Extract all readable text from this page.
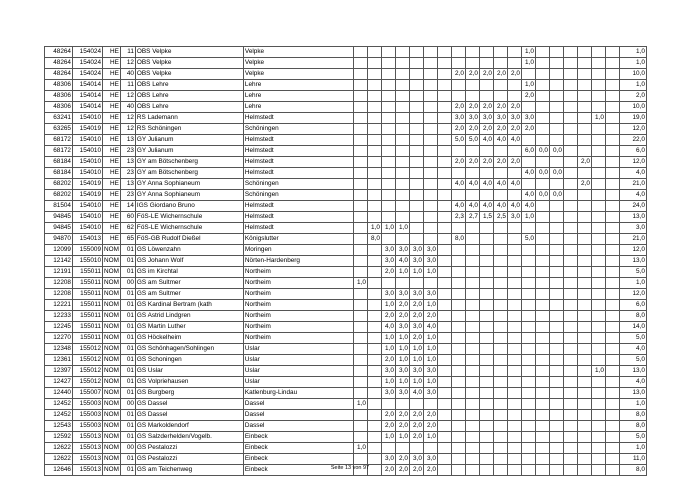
48264	154024	HE	11	OBS Velpke	Velpke													1,0							1,0
48264	154024	HE	12	OBS Velpke	Velpke													1,0							1,0
48264	154024	HE	40	OBS Velpke	Velpke								2,0	2,0	2,0	2,0	2,0								10,0
48306	154014	HE	11	OBS Lehre	Lehre													1,0							1,0
48306	154014	HE	12	OBS Lehre	Lehre													2,0							2,0
48306	154014	HE	40	OBS Lehre	Lehre								2,0	2,0	2,0	2,0	2,0								10,0
63241	154010	HE	12	RS Lademann	Helmstedt								3,0	3,0	3,0	3,0	3,0	3,0					1,0		19,0
63265	154019	HE	12	RS Schöningen	Schöningen								2,0	2,0	2,0	2,0	2,0	2,0							12,0
68172	154010	HE	13	GY Julianum	Helmstedt								5,0	5,0	4,0	4,0	4,0								22,0
68172	154010	HE	23	GY Julianum	Helmstedt													6,0	0,0	0,0					6,0
68184	154010	HE	13	GY am Bötschenberg	Helmstedt								2,0	2,0	2,0	2,0	2,0					2,0			12,0
68184	154010	HE	23	GY am Bötschenberg	Helmstedt													4,0	0,0	0,0					4,0
68202	154019	HE	13	GY Anna Sophianeum	Schöningen								4,0	4,0	4,0	4,0	4,0					2,0			21,0
68202	154019	HE	23	GY Anna Sophianeum	Schöningen													4,0	0,0	0,0					4,0
81504	154010	HE	14	IGS Giordano Bruno	Helmstedt								4,0	4,0	4,0	4,0	4,0	4,0							24,0
94845	154010	HE	60	FöS-LE Wichernschule	Helmstedt								2,3	2,7	1,5	2,5	3,0	1,0							13,0
94845	154010	HE	62	FöS-LE Wichernschule	Helmstedt		1,0	1,0	1,0																3,0
94870	154013	HE	65	FöS-GB Rudolf Dießel	Königslutter		8,0						8,0					5,0							21,0
12099	155009	NOM	01	GS Löwenzahn	Moringen			3,0	3,0	3,0	3,0														12,0
12142	155010	NOM	01	GS Johann Wolf	Nörten-Hardenberg			3,0	4,0	3,0	3,0														13,0
12191	155011	NOM	01	GS im Kirchtal	Northeim			2,0	1,0	1,0	1,0														5,0
12208	155011	NOM	00	GS am Sultmer	Northeim	1,0																			1,0
12208	155011	NOM	01	GS am Sultmer	Northeim			3,0	3,0	3,0	3,0														12,0
12221	155011	NOM	01	GS Kardinal Bertram (kath	Northeim			1,0	2,0	2,0	1,0														6,0
12233	155011	NOM	01	GS Astrid Lindgren	Northeim			2,0	2,0	2,0	2,0														8,0
12245	155011	NOM	01	GS Martin Luther	Northeim			4,0	3,0	3,0	4,0														14,0
12270	155011	NOM	01	GS Höckelheim	Northeim			1,0	1,0	2,0	1,0														5,0
12348	155012	NOM	01	GS Schönhagen/Sohlingen	Uslar			1,0	1,0	1,0	1,0														4,0
12361	155012	NOM	01	GS Schoningen	Uslar			2,0	1,0	1,0	1,0														5,0
12397	155012	NOM	01	GS Uslar	Uslar			3,0	3,0	3,0	3,0												1,0		13,0
12427	155012	NOM	01	GS Volpriehausen	Uslar			1,0	1,0	1,0	1,0														4,0
12440	155007	NOM	01	GS Burgberg	Katlenburg-Lindau			3,0	3,0	4,0	3,0														13,0
12452	155003	NOM	00	GS Dassel	Dassel	1,0																			1,0
12452	155003	NOM	01	GS Dassel	Dassel			2,0	2,0	2,0	2,0														8,0
12543	155003	NOM	01	GS Markoldendorf	Dassel			2,0	2,0	2,0	2,0														8,0
12592	155013	NOM	01	GS Salzderhelden/Vogelb.	Einbeck			1,0	1,0	2,0	1,0														5,0
12622	155013	NOM	00	GS Pestalozzi	Einbeck	1,0																			1,0
12622	155013	NOM	01	GS Pestalozzi	Einbeck			3,0	2,0	3,0	3,0														11,0
12646	155013	NOM	01	GS am Teichenweg	Einbeck			2,0	2,0	2,0	2,0														8,0
Seite 13 von 97
